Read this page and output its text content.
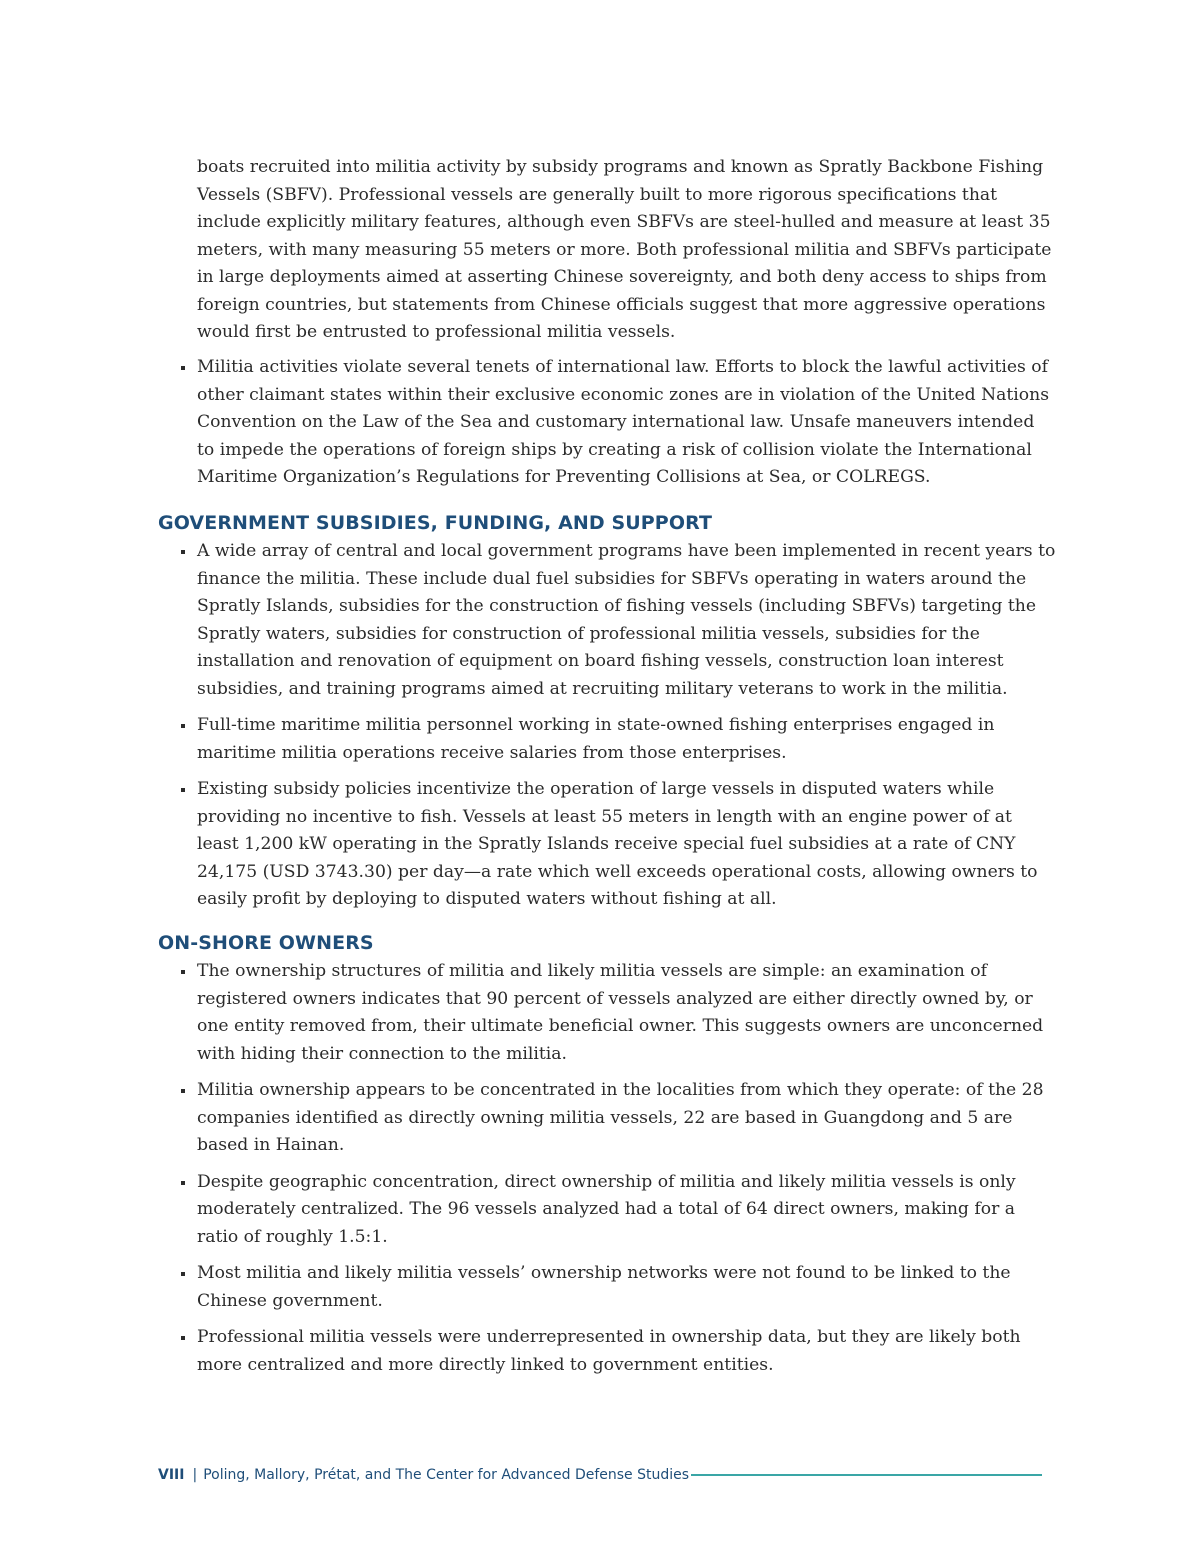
boats recruited into militia activity by subsidy programs and known as Spratly Backbone Fishing Vessels (SBFV). Professional vessels are generally built to more rigorous specifications that include explicitly military features, although even SBFVs are steel-hulled and measure at least 35 meters, with many measuring 55 meters or more. Both professional militia and SBFVs participate in large deployments aimed at asserting Chinese sovereignty, and both deny access to ships from foreign countries, but statements from Chinese officials suggest that more aggressive operations would first be entrusted to professional militia vessels.

Militia activities violate several tenets of international law. Efforts to block the lawful activities of other claimant states within their exclusive economic zones are in violation of the United Nations Convention on the Law of the Sea and customary international law. Unsafe maneuvers intended to impede the operations of foreign ships by creating a risk of collision violate the International Maritime Organization’s Regulations for Preventing Collisions at Sea, or COLREGS.
GOVERNMENT SUBSIDIES, FUNDING, AND SUPPORT
A wide array of central and local government programs have been implemented in recent years to finance the militia. These include dual fuel subsidies for SBFVs operating in waters around the Spratly Islands, subsidies for the construction of fishing vessels (including SBFVs) targeting the Spratly waters, subsidies for construction of professional militia vessels, subsidies for the installation and renovation of equipment on board fishing vessels, construction loan interest subsidies, and training programs aimed at recruiting military veterans to work in the militia.
Full-time maritime militia personnel working in state-owned fishing enterprises engaged in maritime militia operations receive salaries from those enterprises.
Existing subsidy policies incentivize the operation of large vessels in disputed waters while providing no incentive to fish. Vessels at least 55 meters in length with an engine power of at least 1,200 kW operating in the Spratly Islands receive special fuel subsidies at a rate of CNY 24,175 (USD 3743.30) per day—a rate which well exceeds operational costs, allowing owners to easily profit by deploying to disputed waters without fishing at all.
ON-SHORE OWNERS
The ownership structures of militia and likely militia vessels are simple: an examination of registered owners indicates that 90 percent of vessels analyzed are either directly owned by, or one entity removed from, their ultimate beneficial owner. This suggests owners are unconcerned with hiding their connection to the militia.
Militia ownership appears to be concentrated in the localities from which they operate: of the 28 companies identified as directly owning militia vessels, 22 are based in Guangdong and 5 are based in Hainan.
Despite geographic concentration, direct ownership of militia and likely militia vessels is only moderately centralized. The 96 vessels analyzed had a total of 64 direct owners, making for a ratio of roughly 1.5:1.
Most militia and likely militia vessels’ ownership networks were not found to be linked to the Chinese government.
Professional militia vessels were underrepresented in ownership data, but they are likely both more centralized and more directly linked to government entities.
VIII | Poling, Mallory, Prétat, and The Center for Advanced Defense Studies
